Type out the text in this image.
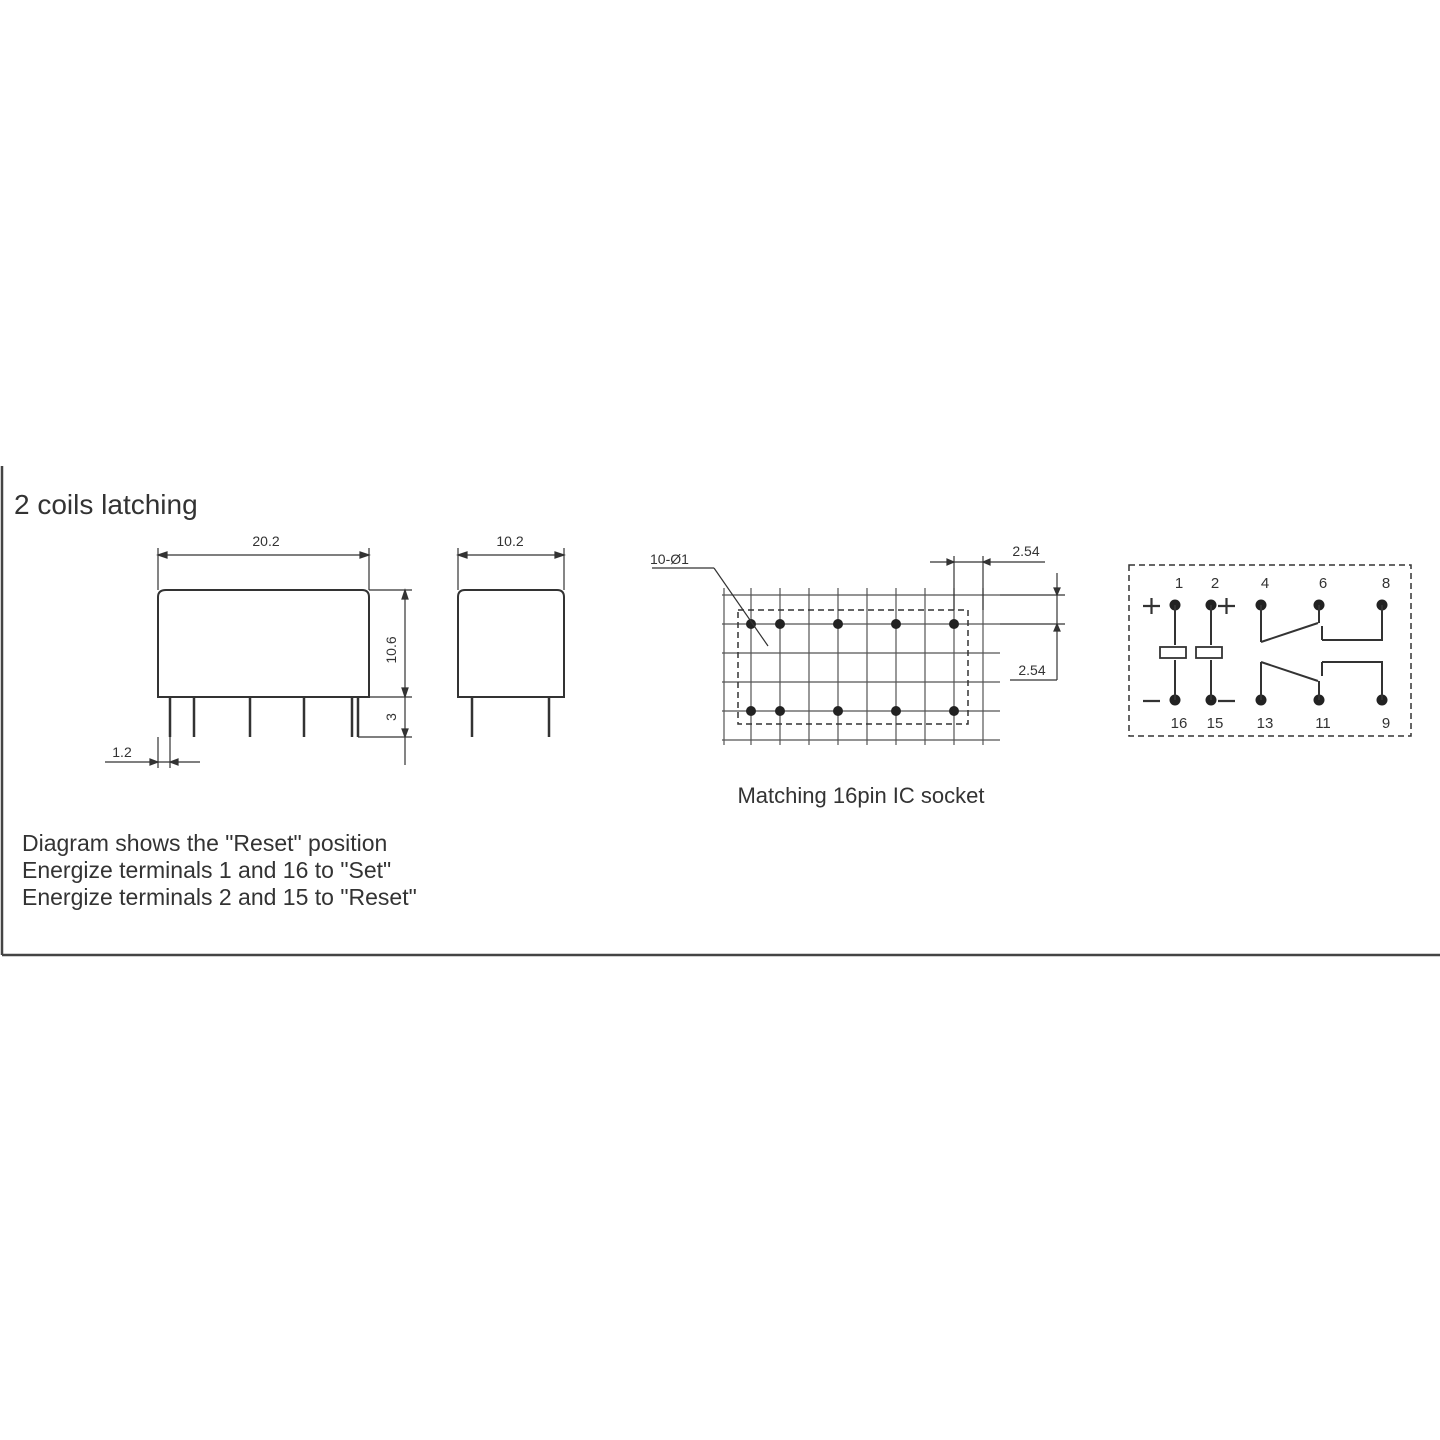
2 coils latching
20.2
10.6
3
1.2
10.2
10-Ø1	2.54
2.54
Matching 16pin IC socket
1
16
2
15
4
13
6
11
8
9
Diagram shows the "Reset" position
Energize terminals 1 and 16 to "Set"
Energize terminals 2 and 15 to "Reset"
